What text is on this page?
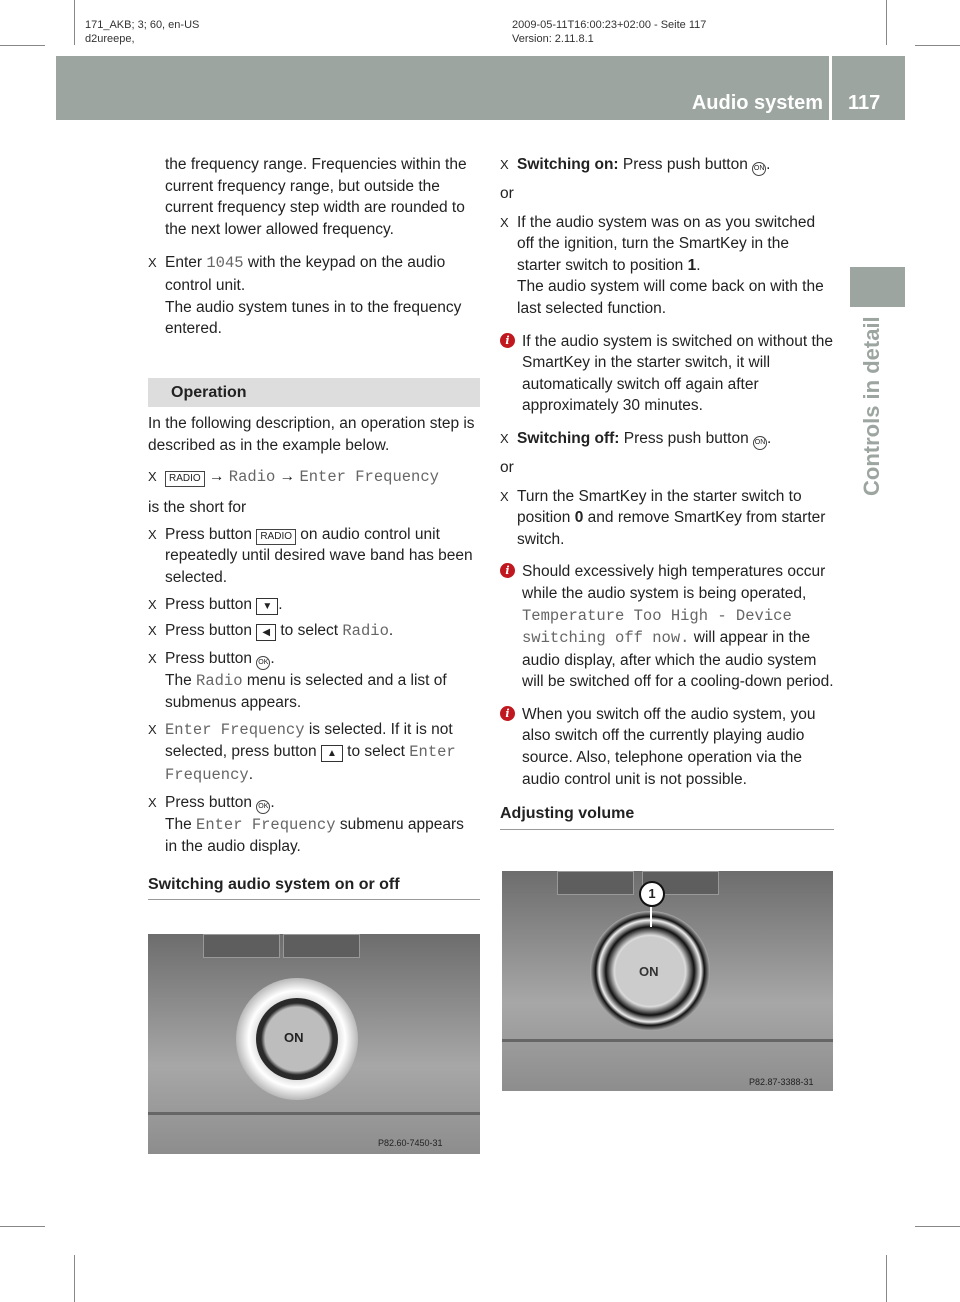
171_AKB; 3; 60, en-US
d2ureepe,
2009-05-11T16:00:23+02:00 - Seite 117
Version: 2.11.8.1
Audio system 117
Controls in detail

the frequency range. Frequencies within the current frequency range, but outside the current frequency step width are rounded to the next lower allowed frequency.

X Enter 1045 with the keypad on the audio control unit.
The audio system tunes in to the frequency entered.
Operation

In the following description, an operation step is described as in the example below.

X RADIO → Radio → Enter Frequency

is the short for

X Press button RADIO on audio control unit repeatedly until desired wave band has been selected.
X Press button ▼ .
X Press button ◀ to select Radio.
X Press button OK .
The Radio menu is selected and a list of submenus appears.
X Enter Frequency is selected. If it is not selected, press button ▲ to select Enter Frequency.
X Press button OK .
The Enter Frequency submenu appears in the audio display.
Switching audio system on or off
ON
P82.60-7450-31
X Switching on: Press push button ON .

or

X If the audio system was on as you switched off the ignition, turn the SmartKey in the starter switch to position 1.
The audio system will come back on with the last selected function.
i If the audio system is switched on without the SmartKey in the starter switch, it will automatically switch off again after approximately 30 minutes.
X Switching off: Press push button ON .

or

X Turn the SmartKey in the starter switch to position 0 and remove SmartKey from starter switch.
i Should excessively high temperatures occur while the audio system is being operated, Temperature Too High - Device switching off now. will appear in the audio display, after which the audio system will be switched off for a cooling-down period.
i When you switch off the audio system, you also switch off the currently playing audio source. Also, telephone operation via the audio control unit is not possible.
Adjusting volume
ON
1
P82.87-3388-31
